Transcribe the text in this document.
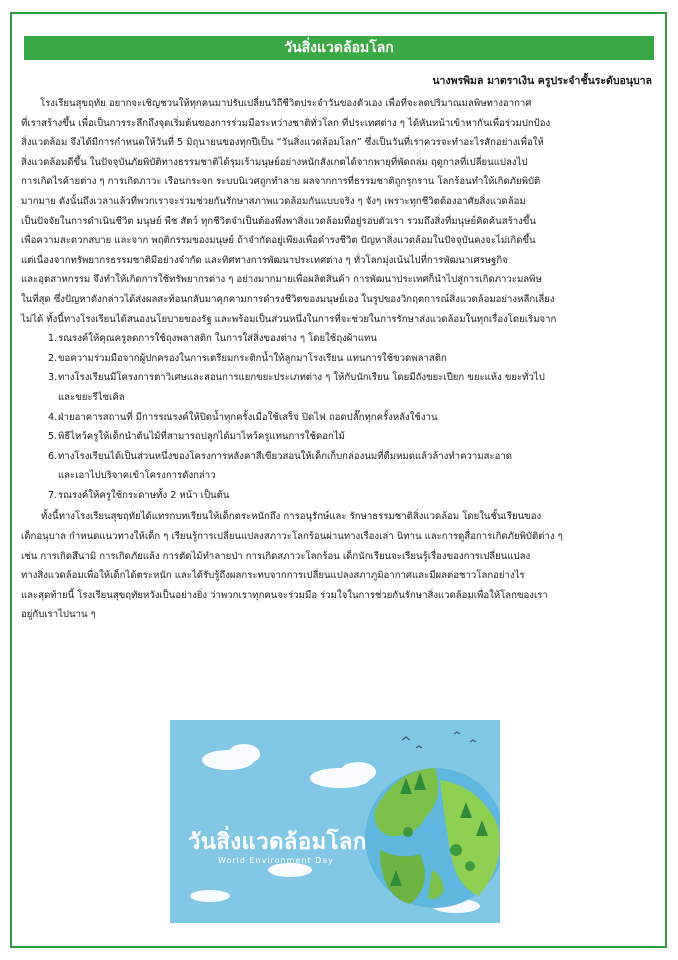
วันสิ่งแวดล้อมโลก
นางพรพิมล มาตราเงิน ครูประจำชั้นระดับอนุบาล

โรงเรียนสุขฤทัย อยากจะเชิญชวนให้ทุกคนมาปรับเปลี่ยนวิถีชีวิตประจำวันของตัวเอง เพื่อที่จะลดปริมาณมลพิษทางอากาศ

ที่เราสร้างขึ้น เพื่อเป็นการระลึกถึงจุดเริ่มต้นของการร่วมมือระหว่างชาติทั่วโลก ที่ประเทศต่าง ๆ ได้หันหน้าเข้าหากันเพื่อร่วมปกป้อง

สิ่งแวดล้อม จึงได้มีการกำหนดให้วันที่ 5 มิถุนายนของทุกปีเป็น “วันสิ่งแวดล้อมโลก” ซึ่งเป็นวันที่เราควรจะทำอะไรสักอย่างเพื่อให้

สิ่งแวดล้อมดีขึ้น ในปัจจุบันภัยพิบัติทางธรรมชาติได้รุมเร้ามนุษย์อย่างหนักสังเกตได้จากพายุที่พัดถล่ม ฤดูกาลที่เปลี่ยนแปลงไป

การเกิดไรค้ายต่าง ๆ การเกิดภาวะ เรือนกระจก ระบบนิเวศถูกทำลาย ผลจากการที่ธรรมชาติถูกรุกราน โลกร้อนทำให้เกิดภัยพิบัติ

มากมาย ดังนั้นถึงเวลาแล้วที่พวกเราจะร่วมช่วยกันรักษาสภาพแวดล้อมกันแบบจริง ๆ จังๆ เพราะทุกชีวิตต้องอาศัยสิ่งแวดล้อม

เป็นปัจจัยในการดำเนินชีวิต มนุษย์ พืช สัตว์ ทุกชีวิตจำเป็นต้องพึ่งพาสิ่งแวดล้อมที่อยู่รอบตัวเรา รวมถึงสิ่งที่มนุษย์คิดค้นสร้างขึ้น

เพื่อความสะดวกสบาย และจาก พฤติกรรมของมนุษย์ ถ้าจำกัดอยู่เพียงเพื่อดำรงชีวิต ปัญหาสิ่งแวดล้อมในปัจจุบันคงจะไม่เกิดขึ้น

แต่เนื่องจากทรัพยากรธรรมชาติมีอย่างจำกัด และทิศทางการพัฒนาประเทศต่าง ๆ ทั่วโลกมุ่งเน้นไปที่การพัฒนาเศรษฐกิจ

และอุตสาหกรรม จึงทำให้เกิดการใช้ทรัพยากรต่าง ๆ อย่างมากมายเพื่อผลิตสินค้า การพัฒนาประเทศก็นำไปสู่การเกิดภาวะมลพิษ

ในที่สุด ซึ่งปัญหาดังกล่าวได้ส่งผลสะท้อนกลับมาคุกคามการดำรงชีวิตของมนุษย์เอง ในรูปของวิกฤตการณ์สิ่งแวดล้อมอย่างหลีกเลี่ยง

ไม่ได้ ทั้งนี้ทางโรงเรียนได้สนองนโยบายของรัฐ และพร้อมเป็นส่วนหนึ่งในการที่จะช่วยในการรักษาส่งแวดล้อมในทุกเรื่องโดยเริ่มจาก

1. รณรงค์ให้คุณครูลดการใช้ถุงพลาสติก ในการใส่สิ่งของต่าง ๆ โดยใช้ถุงผ้าแทน
2. ขอความร่วมมือจากผู้ปกครองในการเตรียมกระติกน้ำให้ลูกมาโรงเรียน แทนการใช้ขวดพลาสติก
3. ทางโรงเรียนมีโครงการตาวิเศษและสอนการแยกขยะประเภทต่าง ๆ ให้กับนักเรียน โดยมีถังขยะเปียก ขยะแห้ง ขยะทั่วไป
และขยะรีไซเคิล
4. ฝ่ายอาคารสถานที่ มีการรณรงค์ให้ปิดน้ำทุกครั้งเมื่อใช้เสร็จ ปิดไฟ ถอดปลั๊กทุกครั้งหลังใช้งาน
5. พิธีไหว้ครูให้เด็กนำต้นไม้ที่สามารถปลูกได้มาไหว้ครูแทนการใช้ดอกไม้
6. ทางโรงเรียนได้เป็นส่วนหนึ่งของโครงการหลังคาสีเขียวสอนให้เด็กเก็บกล่องนมที่ดื่มหมดแล้วล้างทำความสะอาด
และเอาไปบริจาคเข้าโครงการดังกล่าว
7. รณรงค์ให้ครูใช้กระดาษทั้ง 2 หน้า เป็นต้น

ทั้งนี้ทางโรงเรียนสุขฤทัยได้แทรกบทเรียนให้เด็กตระหนักถึง การอนุรักษ์และ รักษาธรรมชาติสิ่งแวดล้อม โดยในชั้นเรียนของ

เด็กอนุบาล กำหนดแนวทางให้เด็ก ๆ เรียนรู้การเปลี่ยนแปลงสภาวะโลกร้อนผ่านทางเรื่องเล่า นิทาน และการดูสื่อการเกิดภัยพิบัติต่าง ๆ

เช่น การเกิดสึนามิ การเกิดภัยแล้ง การตัดไม้ทำลายป่า การเกิดสภาวะโลกร้อน เด็กนักเรียนจะเรียนรู้เรื่องของการเปลี่ยนแปลง

ทางสิ่งแวดล้อมเพื่อให้เด็กได้ตระหนัก และได้รับรู้ถึงผลกระทบจากการเปลี่ยนแปลงสภาภูมิอากาศและมีผลต่อชาวโลกอย่างไร

และสุดท้ายนี้ โรงเรียนสุขฤทัยหวังเป็นอย่างยิ่ง ว่าพวกเราทุกคนจะร่วมมือ ร่วมใจในการช่วยกันรักษาสิ่งแวดล้อมเพื่อให้โลกของเรา

อยู่กับเราไปนาน ๆ

วันสิ่งแวดล้อมโลก
World Environment Day
